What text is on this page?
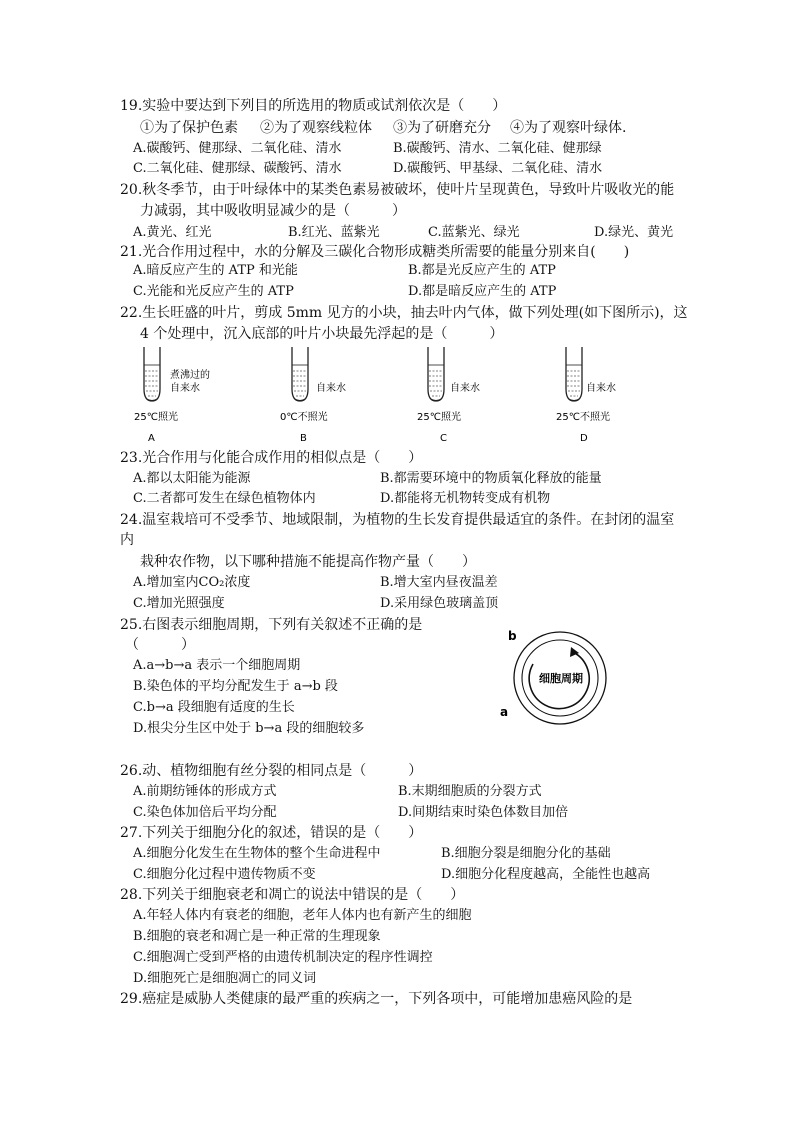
19.实验中要达到下列目的所选用的物质或试剂依次是（　　）
①为了保护色素 ②为了观察线粒体 ③为了研磨充分 ④为了观察叶绿体.
A.碳酸钙、健那绿、二氧化硅、清水	B.碳酸钙、清水、二氧化硅、健那绿
C.二氧化硅、健那绿、碳酸钙、清水	D.碳酸钙、甲基绿、二氧化硅、清水
20.秋冬季节，由于叶绿体中的某类色素易被破坏，使叶片呈现黄色，导致叶片吸收光的能
力减弱，其中吸收明显减少的是（　　　）
A.黄光、红光	B.红光、蓝紫光	C.蓝紫光、绿光	D.绿光、黄光
21.光合作用过程中，水的分解及三碳化合物形成糖类所需要的能量分别来自(　　)
A.暗反应产生的 ATP 和光能	B.都是光反应产生的 ATP
C.光能和光反应产生的 ATP	D.都是暗反应产生的 ATP
22.生长旺盛的叶片，剪成 5mm 见方的小块，抽去叶内气体，做下列处理(如下图所示)，这
4 个处理中，沉入底部的叶片小块最先浮起的是（　　　）
煮沸过的
自来水
25℃照光
A
自来水
0℃不照光
B
自来水
25℃照光
C
自来水
25℃不照光
D
23.光合作用与化能合成作用的相似点是（　　）
A.都以太阳能为能源	B.都需要环境中的物质氧化释放的能量
C.二者都可发生在绿色植物体内	D.都能将无机物转变成有机物
24.温室栽培可不受季节、地域限制，为植物的生长发育提供最适宜的条件。在封闭的温室
内
栽种农作物，以下哪种措施不能提高作物产量（　　）
A.增加室内CO₂浓度	B.增大室内昼夜温差
C.增加光照强度	D.采用绿色玻璃盖顶
25.右图表示细胞周期，下列有关叙述不正确的是
（　　　）
A.a→b→a 表示一个细胞周期
B.染色体的平均分配发生于 a→b 段
C.b→a 段细胞有适度的生长
D.根尖分生区中处于 b→a 段的细胞较多
细胞周期
b
a
26.动、植物细胞有丝分裂的相同点是（　　　）
A.前期纺锤体的形成方式	B.末期细胞质的分裂方式
C.染色体加倍后平均分配	D.间期结束时染色体数目加倍
27.下列关于细胞分化的叙述，错误的是（　　）
A.细胞分化发生在生物体的整个生命进程中	B.细胞分裂是细胞分化的基础
C.细胞分化过程中遗传物质不变	D.细胞分化程度越高，全能性也越高
28.下列关于细胞衰老和凋亡的说法中错误的是（　　）
A.年轻人体内有衰老的细胞，老年人体内也有新产生的细胞
B.细胞的衰老和凋亡是一种正常的生理现象
C.细胞凋亡受到严格的由遗传机制决定的程序性调控
D.细胞死亡是细胞凋亡的同义词
29.癌症是威胁人类健康的最严重的疾病之一，下列各项中，可能增加患癌风险的是
